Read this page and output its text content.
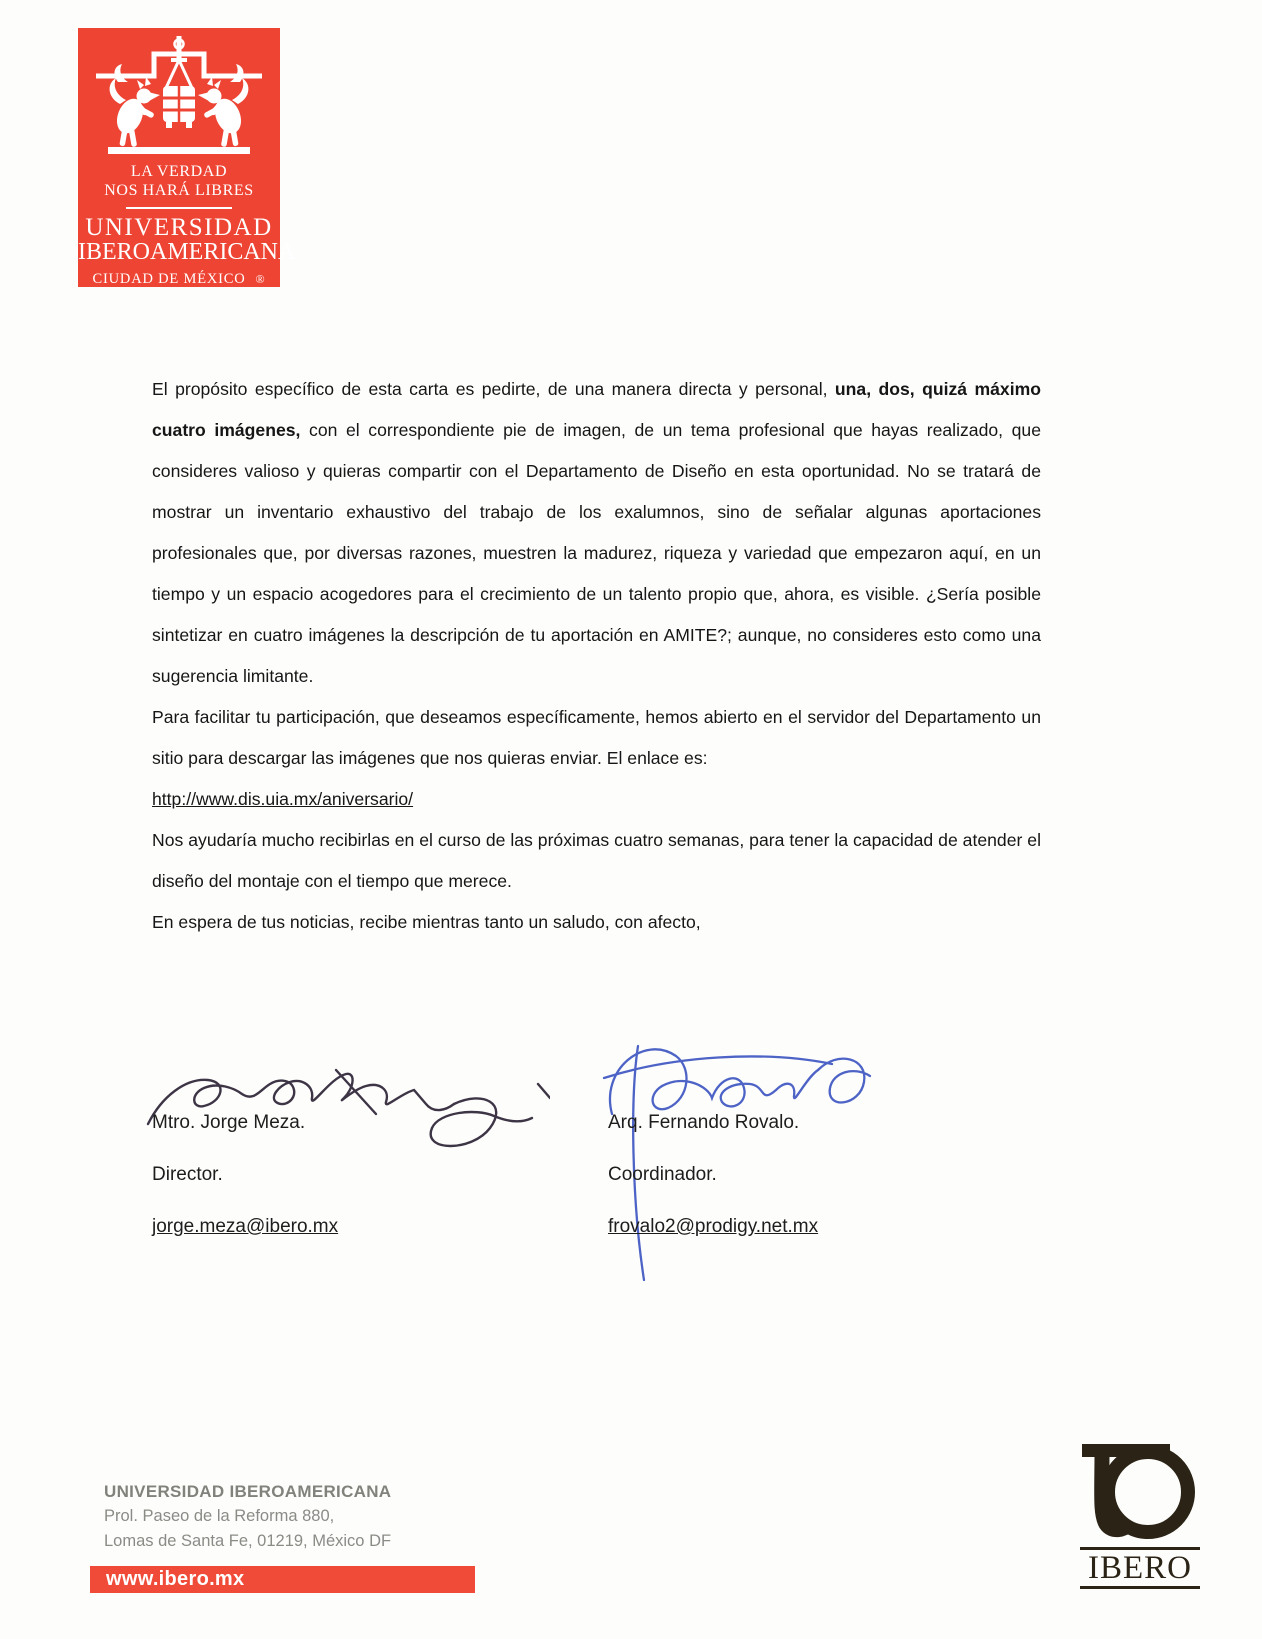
LA VERDAD
NOS HARÁ LIBRES
UNIVERSIDAD
IBEROAMERICANA
CIUDAD DE MÉXICO ®

El propósito específico de esta carta es pedirte, de una manera directa y personal, una, dos, quizá máximo cuatro imágenes, con el correspondiente pie de imagen, de un tema profesional que hayas realizado, que consideres valioso y quieras compartir con el Departamento de Diseño en esta oportunidad. No se tratará de mostrar un inventario exhaustivo del trabajo de los exalumnos, sino de señalar algunas aportaciones profesionales que, por diversas razones, muestren la madurez, riqueza y variedad que empezaron aquí, en un tiempo y un espacio acogedores para el crecimiento de un talento propio que, ahora, es visible. ¿Sería posible sintetizar en cuatro imágenes la descripción de tu aportación en AMITE?; aunque, no consideres esto como una sugerencia limitante.

Para facilitar tu participación, que deseamos específicamente, hemos abierto en el servidor del Departamento un sitio para descargar las imágenes que nos quieras enviar. El enlace es:

http://www.dis.uia.mx/aniversario/

Nos ayudaría mucho recibirlas en el curso de las próximas cuatro semanas, para tener la capacidad de atender el diseño del montaje con el tiempo que merece.

En espera de tus noticias, recibe mientras tanto un saludo, con afecto,

Mtro. Jorge Meza.
Director.
jorge.meza@ibero.mx
Arq. Fernando Rovalo.
Coordinador.
frovalo2@prodigy.net.mx
UNIVERSIDAD IBEROAMERICANA
Prol. Paseo de la Reforma 880,
Lomas de Santa Fe, 01219, México DF
www.ibero.mx	IBERO
